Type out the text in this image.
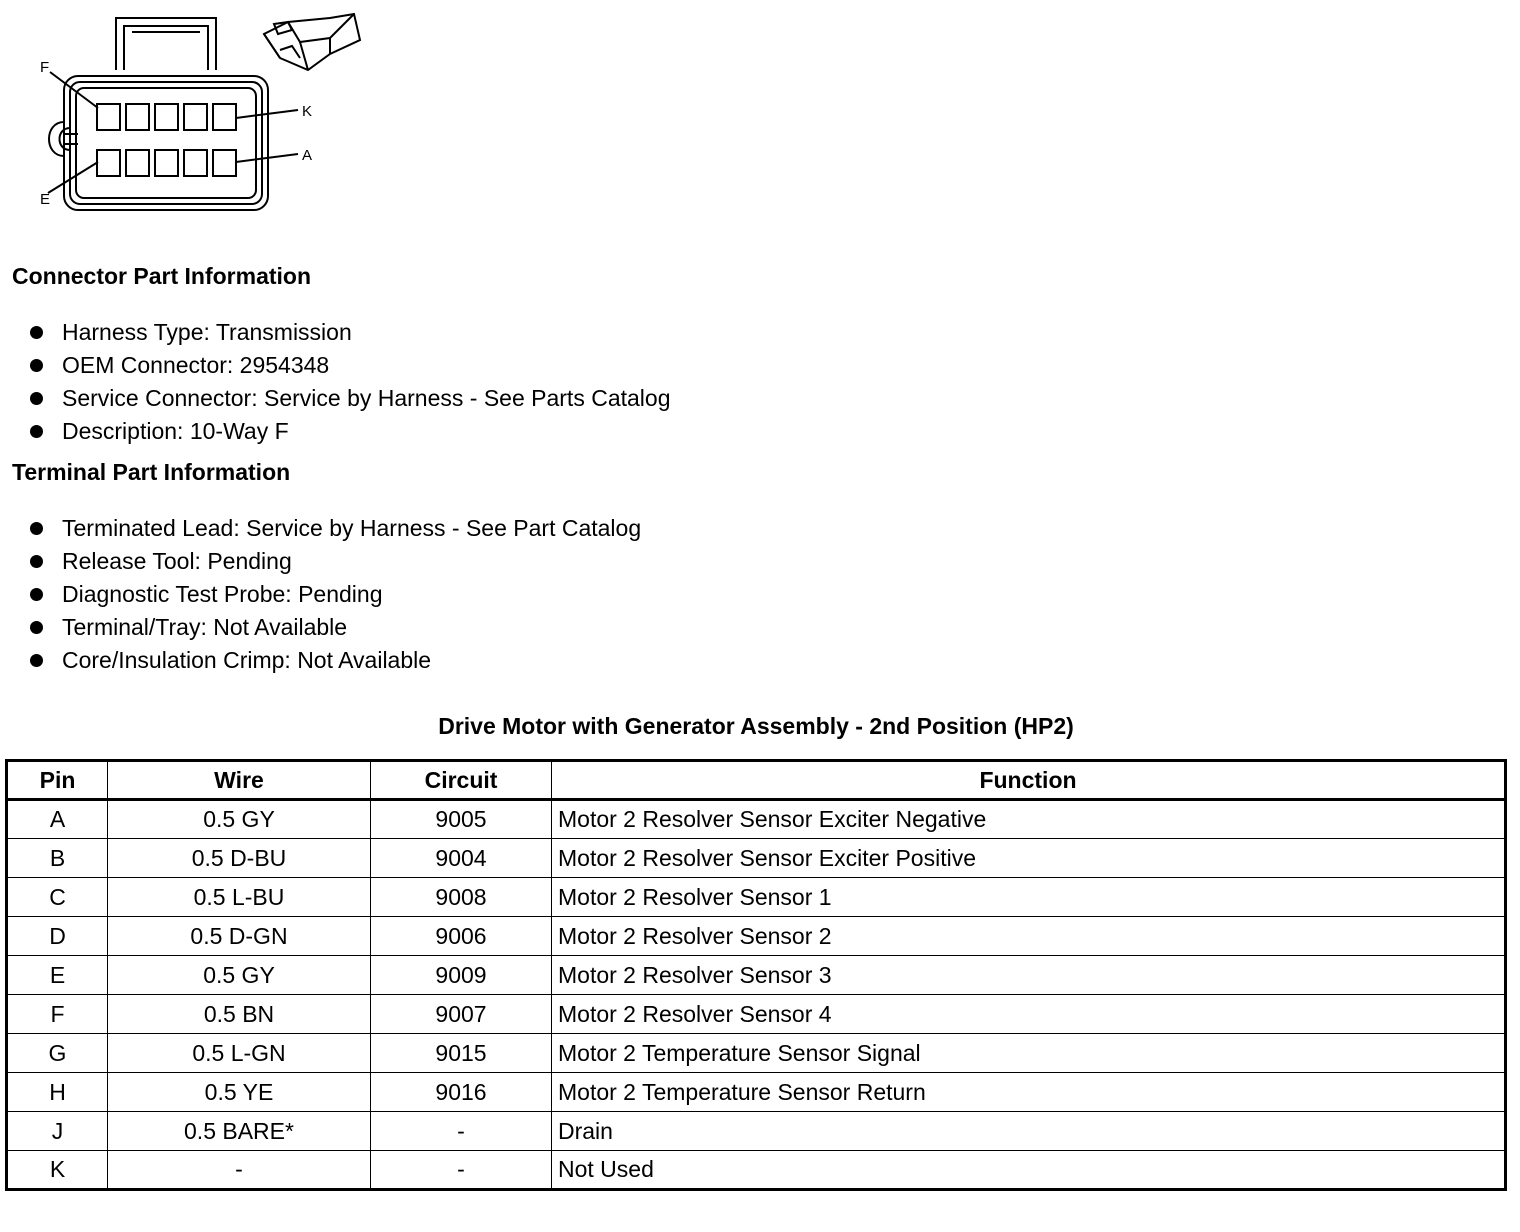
F
K
A
E
Connector Part Information
Harness Type: Transmission
OEM Connector: 2954348
Service Connector: Service by Harness - See Parts Catalog
Description: 10-Way F
Terminal Part Information
Terminated Lead: Service by Harness - See Part Catalog
Release Tool: Pending
Diagnostic Test Probe: Pending
Terminal/Tray: Not Available
Core/Insulation Crimp: Not Available
Drive Motor with Generator Assembly - 2nd Position (HP2)
Pin	Wire	Circuit	Function
A	0.5 GY	9005	Motor 2 Resolver Sensor Exciter Negative
B	0.5 D-BU	9004	Motor 2 Resolver Sensor Exciter Positive
C	0.5 L-BU	9008	Motor 2 Resolver Sensor 1
D	0.5 D-GN	9006	Motor 2 Resolver Sensor 2
E	0.5 GY	9009	Motor 2 Resolver Sensor 3
F	0.5 BN	9007	Motor 2 Resolver Sensor 4
G	0.5 L-GN	9015	Motor 2 Temperature Sensor Signal
H	0.5 YE	9016	Motor 2 Temperature Sensor Return
J	0.5 BARE*	-	Drain
K	-	-	Not Used
